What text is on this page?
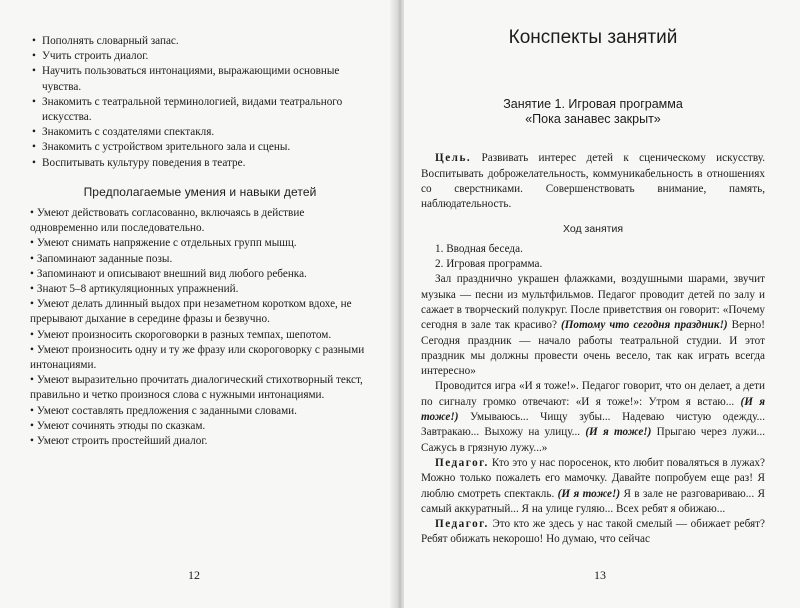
• Пополнять словарный запас.
• Учить строить диалог.
• Научить пользоваться интонациями, выражающими основные чувства.
• Знакомить с театральной терминологией, видами театрального искусства.
• Знакомить с создателями спектакля.
• Знакомить с устройством зрительного зала и сцены.
• Воспитывать культуру поведения в театре.
Предполагаемые умения и навыки детей
• Умеют действовать согласованно, включаясь в действие одновременно или последовательно.
• Умеют снимать напряжение с отдельных групп мышц.
• Запоминают заданные позы.
• Запоминают и описывают внешний вид любого ребенка.
• Знают 5–8 артикуляционных упражнений.
• Умеют делать длинный выдох при незаметном коротком вдохе, не прерывают дыхание в середине фразы и безвучно.
• Умеют произносить скороговорки в разных темпах, шепотом.
• Умеют произносить одну и ту же фразу или скороговорку с разными интонациями.
• Умеют выразительно прочитать диалогический стихотворный текст, правильно и четко произнося слова с нужными интонациями.
• Умеют составлять предложения с заданными словами.
• Умеют сочинять этюды по сказкам.
• Умеют строить простейший диалог.
12
Конспекты занятий
Занятие 1. Игровая программа
«Пока занавес закрыт»

Цель. Развивать интерес детей к сценическому искусству. Воспитывать доброжелательность, коммуникабельность в отношениях со сверстниками. Совершенствовать внимание, память, наблюдательность.

Ход занятия

1. Вводная беседа.

2. Игровая программа.

Зал празднично украшен флажками, воздушными шарами, звучит музыка — песни из мультфильмов. Педагог проводит детей по залу и сажает в творческий полукруг. После приветствия он говорит: «Почему сегодня в зале так красиво? (Потому что сегодня праздник!) Верно! Сегодня праздник — начало работы театральной студии. И этот праздник мы должны провести очень весело, так как играть всегда интересно»

Проводится игра «И я тоже!». Педагог говорит, что он делает, а дети по сигналу громко отвечают: «И я тоже!»: Утром я встаю... (И я тоже!) Умываюсь... Чищу зубы... Надеваю чистую одежду... Завтракаю... Выхожу на улицу... (И я тоже!) Прыгаю через лужи... Сажусь в грязную лужу...»

Педагог. Кто это у нас поросенок, кто любит поваляться в лужах? Можно только пожалеть его мамочку. Давайте попробуем еще раз! Я люблю смотреть спектакль. (И я тоже!) Я в зале не разговариваю... Я самый аккуратный... Я на улице гуляю... Всех ребят я обижаю...

Педагог. Это кто же здесь у нас такой смелый — обижает ребят? Ребят обижать некорошо! Но думаю, что сейчас

13
